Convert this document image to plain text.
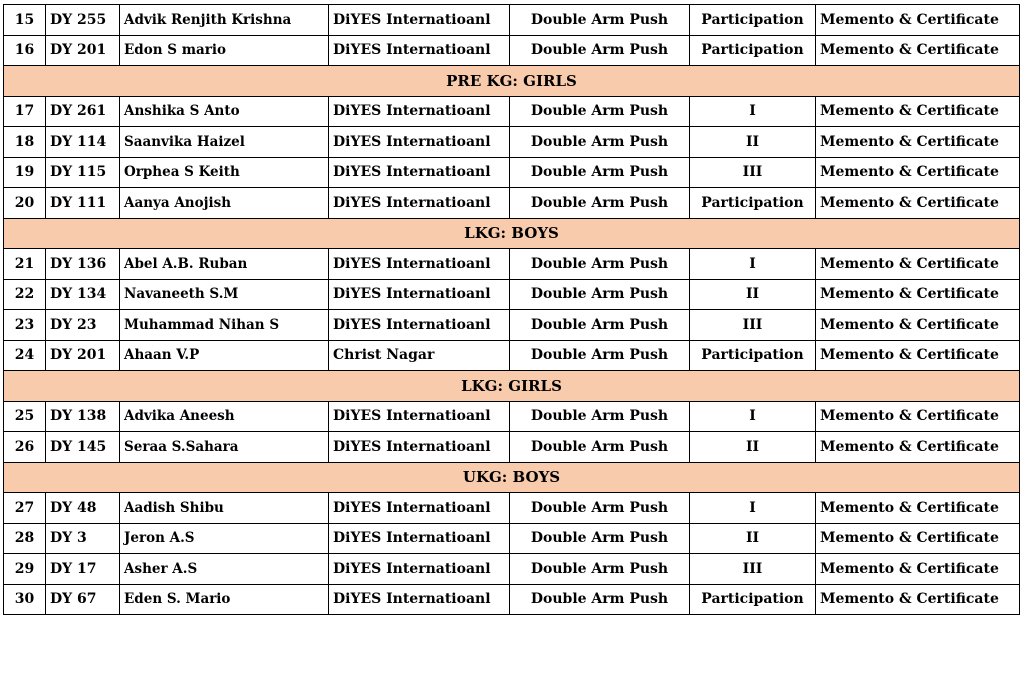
15	DY 255	Advik Renjith Krishna	DiYES Internatioanl	Double Arm Push	Participation	Memento & Certificate
16	DY 201	Edon S mario	DiYES Internatioanl	Double Arm Push	Participation	Memento & Certificate
PRE KG: GIRLS						
17	DY 261	Anshika S Anto	DiYES Internatioanl	Double Arm Push	I	Memento & Certificate
18	DY 114	Saanvika Haizel	DiYES Internatioanl	Double Arm Push	II	Memento & Certificate
19	DY 115	Orphea S Keith	DiYES Internatioanl	Double Arm Push	III	Memento & Certificate
20	DY 111	Aanya Anojish	DiYES Internatioanl	Double Arm Push	Participation	Memento & Certificate
LKG: BOYS						
21	DY 136	Abel A.B. Ruban	DiYES Internatioanl	Double Arm Push	I	Memento & Certificate
22	DY 134	Navaneeth S.M	DiYES Internatioanl	Double Arm Push	II	Memento & Certificate
23	DY 23	Muhammad Nihan S	DiYES Internatioanl	Double Arm Push	III	Memento & Certificate
24	DY 201	Ahaan V.P	Christ Nagar	Double Arm Push	Participation	Memento & Certificate
LKG: GIRLS						
25	DY 138	Advika Aneesh	DiYES Internatioanl	Double Arm Push	I	Memento & Certificate
26	DY 145	Seraa S.Sahara	DiYES Internatioanl	Double Arm Push	II	Memento & Certificate
UKG: BOYS						
27	DY 48	Aadish Shibu	DiYES Internatioanl	Double Arm Push	I	Memento & Certificate
28	DY 3	Jeron A.S	DiYES Internatioanl	Double Arm Push	II	Memento & Certificate
29	DY 17	Asher A.S	DiYES Internatioanl	Double Arm Push	III	Memento & Certificate
30	DY 67	Eden S. Mario	DiYES Internatioanl	Double Arm Push	Participation	Memento & Certificate
